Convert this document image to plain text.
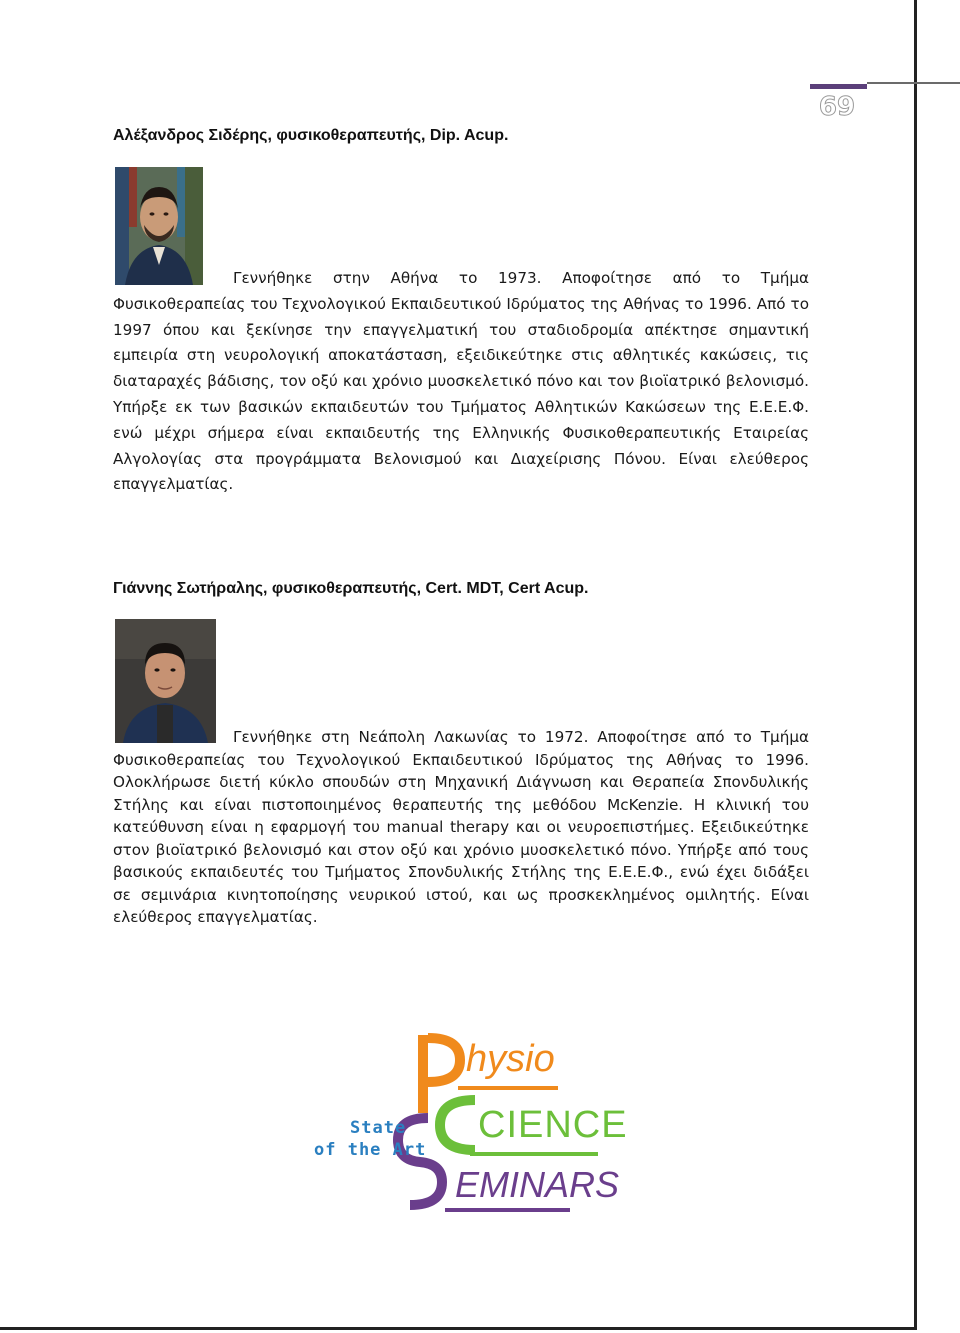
69
Αλέξανδρος Σιδέρης, φυσικοθεραπευτής, Dip. Acup.

Γεννήθηκε στην Αθήνα το 1973. Αποφοίτησε από το Τμήμα Φυσικοθεραπείας του Τεχνολογικού Εκπαιδευτικού Ιδρύματος της Αθήνας το 1996. Από το 1997 όπου και ξεκίνησε την επαγγελματική του σταδιοδρομία απέκτησε σημαντική εμπειρία στη νευρολογική αποκατάσταση, εξειδικεύτηκε στις αθλητικές κακώσεις, τις διαταραχές βάδισης, τον οξύ και χρόνιο μυοσκελετικό πόνο και τον βιοϊατρικό βελονισμό. Υπήρξε εκ των βασικών εκπαιδευτών του Τμήματος Αθλητικών Κακώσεων της Ε.Ε.Ε.Φ. ενώ μέχρι σήμερα είναι εκπαιδευτής της Ελληνικής Φυσικοθεραπευτικής Εταιρείας Αλγολογίας στα προγράμματα Βελονισμού και Διαχείρισης Πόνου. Είναι ελεύθερος επαγγελματίας.

Γιάννης Σωτήραλης, φυσικοθεραπευτής, Cert. MDT, Cert Acup.

Γεννήθηκε στη Νεάπολη Λακωνίας το 1972. Αποφοίτησε από το Τμήμα Φυσικοθεραπείας του Τεχνολογικού Εκπαιδευτικού Ιδρύματος της Αθήνας το 1996. Ολοκλήρωσε διετή κύκλο σπουδών στη Μηχανική Διάγνωση και Θεραπεία Σπονδυλικής Στήλης και είναι πιστοποιημένος θεραπευτής της μεθόδου McKenzie. Η κλινική του κατεύθυνση είναι η εφαρμογή του manual therapy και οι νευροεπιστήμες. Εξειδικεύτηκε στον βιοϊατρικό βελονισμό και στον οξύ και χρόνιο μυοσκελετικό πόνο. Υπήρξε από τους βασικούς εκπαιδευτές του Τμήματος Σπονδυλικής Στήλης της Ε.Ε.Ε.Φ., ενώ έχει διδάξει σε σεμινάρια κινητοποίησης νευρικού ιστού, και ως προσκεκλημένος ομιλητής. Είναι ελεύθερος επαγγελματίας.

State
of the Art
hysio
CIENCE
EMINARS
